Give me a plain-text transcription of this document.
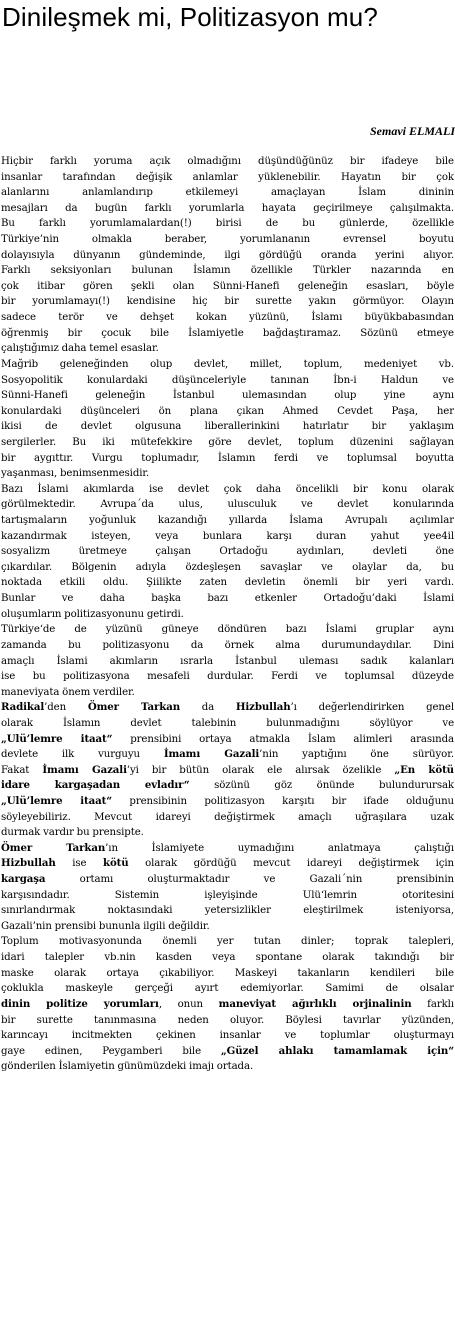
Dinileşmek mi, Politizasyon mu?
Semavi ELMALI
Hiçbir farklı yoruma açık olmadığını düşündüğünüz bir ifadeye bile
insanlar tarafından değişik anlamlar yüklenebilir. Hayatın bir çok
alanlarını anlamlandırıp etkilemeyi amaçlayan İslam dininin
mesajları da bugün farklı yorumlarla hayata geçirilmeye çalışılmakta.
Bu farklı yorumlamalardan(!) birisi de bu günlerde, özellikle
Türkiye’nin olmakla beraber, yorumlananın evrensel boyutu
dolayısıyla dünyanın gündeminde, ilgi gördüğü oranda yerini alıyor.
Farklı seksiyonları bulunan İslamın özellikle Türkler nazarında en
çok itibar gören şekli olan Sünni-Hanefi geleneğin esasları, böyle
bir yorumlamayı(!) kendisine hiç bir surette yakın görmüyor. Olayın
sadece terör ve dehşet kokan yüzünü, İslamı büyükbabasından
öğrenmiş bir çocuk bile İslamiyetle bağdaştıramaz. Sözünü etmeye
çalıştığımız daha temel esaslar.
Mağrib geleneğinden olup devlet, millet, toplum, medeniyet vb.
Sosyopolitik konulardaki düşünceleriyle tanınan İbn-i Haldun ve
Sünni-Hanefi geleneğin İstanbul ulemasından olup yine aynı
konulardaki düşünceleri ön plana çıkan Ahmed Cevdet Paşa, her
ikisi de devlet olgusuna liberallerinkini hatırlatır bir yaklaşım
sergilerler. Bu iki mütefekkire göre devlet, toplum düzenini sağlayan
bir aygıttır. Vurgu toplumadır, İslamın ferdi ve toplumsal boyutta
yaşanması, benimsenmesidir.
Bazı İslami akımlarda ise devlet çok daha öncelikli bir konu olarak
görülmektedir. Avrupa´da ulus, ulusculuk ve devlet konularında
tartışmaların yoğunluk kazandığı yıllarda İslama Avrupalı açılımlar
kazandırmak isteyen, veya bunlara karşı duran yahut yee4il
sosyalizm üretmeye çalışan Ortadoğu aydınları, devleti öne
çıkardılar. Bölgenin adıyla özdeşleşen savaşlar ve olaylar da, bu
noktada etkili oldu. Şiilikte zaten devletin önemli bir yeri vardı.
Bunlar ve daha başka bazı etkenler Ortadoğu’daki İslami
oluşumların politizasyonunu getirdi.
Türkiye‘de de yüzünü güneye döndüren bazı İslami gruplar aynı
zamanda bu politizasyonu da örnek alma durumundaydılar. Dini
amaçlı İslami akımların ısrarla İstanbul uleması sadık kalanları
ise bu politizasyona mesafeli durdular. Ferdi ve toplumsal düzeyde
maneviyata önem verdiler.
Radikal’den Ömer Tarkan da Hizbullah’ı değerlendirirken genel
olarak İslamın devlet talebinin bulunmadığını söylüyor ve
„Ulü’lemre itaat“ prensibini ortaya atmakla İslam alimleri arasında
devlete ilk vurguyu İmamı Gazali’nin yaptığını öne sürüyor.
Fakat İmamı Gazali’yi bir bütün olarak ele alırsak özelikle „En kötü
idare kargaşadan evladır“ sözünü göz önünde bulundurursak
„Ulü’lemre itaat“ prensibinin politizasyon karşıtı bir ifade olduğunu
söyleyebiliriz. Mevcut idareyi değiştirmek amaçlı uğraşılara uzak
durmak vardır bu prensipte.
Ömer Tarkan’ın İslamiyete uymadığını anlatmaya çalıştığı
Hizbullah ise kötü olarak gördüğü mevcut idareyi değiştirmek için
kargaşa ortamı oluşturmaktadır ve Gazali´nin prensibinin
karşısındadır. Sistemin işleyişinde Ulü‘lemrin otoritesini
sınırlandırmak noktasındaki yetersizlikler eleştirilmek isteniyorsa,
Gazali’nin prensibi bununla ilgili değildir.
Toplum motivasyonunda önemli yer tutan dinler; toprak talepleri,
idari talepler vb.nin kasden veya spontane olarak takındığı bir
maske olarak ortaya çıkabiliyor. Maskeyi takanların kendileri bile
çoklukla maskeyle gerçeği ayırt edemiyorlar. Samimi de olsalar
dinin politize yorumları, onun maneviyat ağırlıklı orjinalinin farklı
bir surette tanınmasına neden oluyor. Böylesi tavırlar yüzünden,
karıncayı incitmekten çekinen insanlar ve toplumlar oluşturmayı
gaye edinen, Peygamberi bile „Güzel ahlakı tamamlamak için“
gönderilen İslamiyetin günümüzdeki imajı ortada.
